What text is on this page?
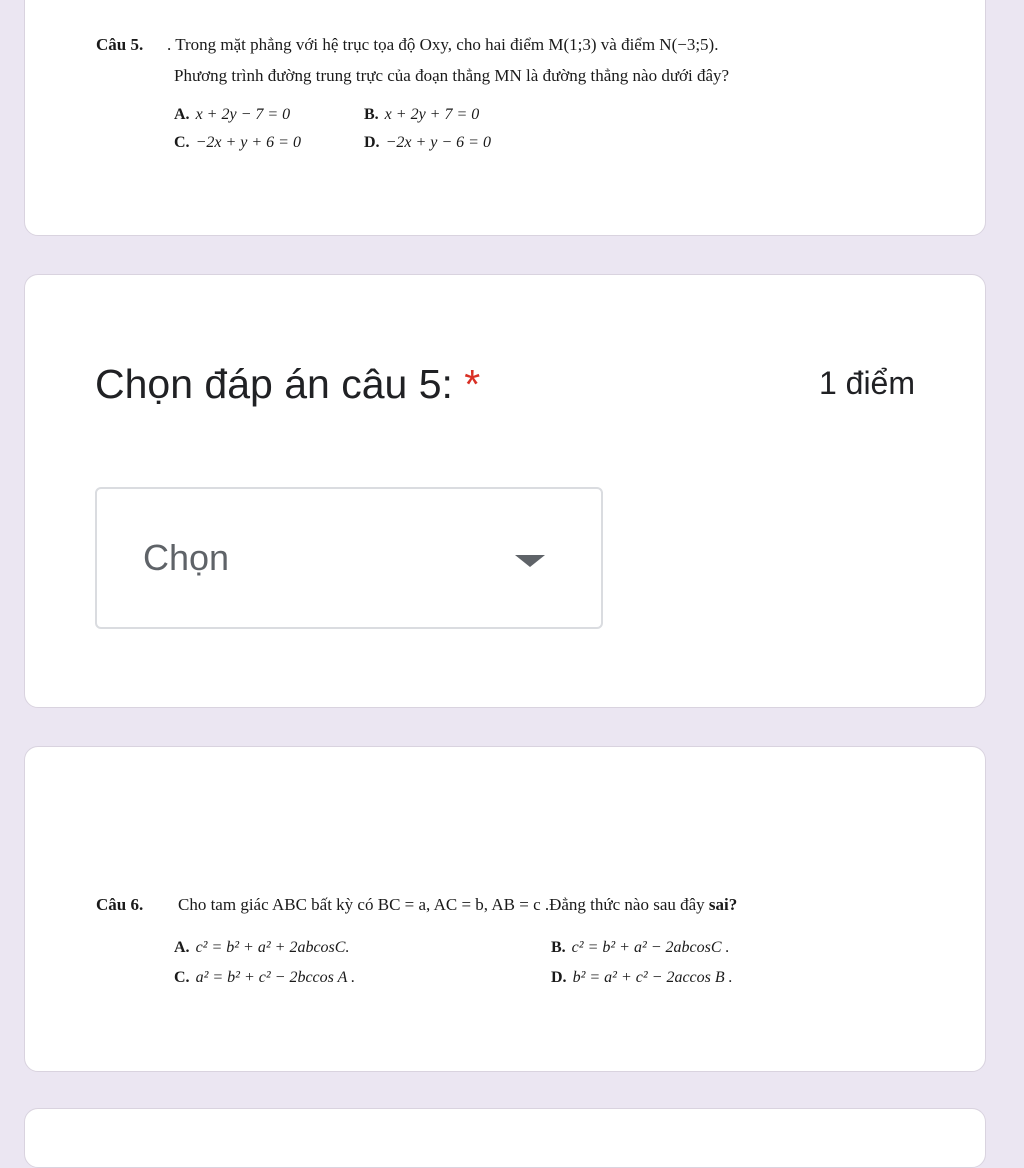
Câu 5. . Trong mặt phẳng với hệ trục tọa độ Oxy, cho hai điểm M(1;3) và điểm N(−3;5).
Phương trình đường trung trực của đoạn thẳng MN là đường thẳng nào dưới đây?
A. x + 2y − 7 = 0	B. x + 2y + 7 = 0
C. −2x + y + 6 = 0	D. −2x + y − 6 = 0
Chọn đáp án câu 5: *	1 điểm
Chọn
Câu 6. Cho tam giác ABC bất kỳ có BC = a, AC = b, AB = c .Đẳng thức nào sau đây sai?
A. c² = b² + a² + 2abcosC.	B. c² = b² + a² − 2abcosC .
C. a² = b² + c² − 2bccos A .	D. b² = a² + c² − 2accos B .
